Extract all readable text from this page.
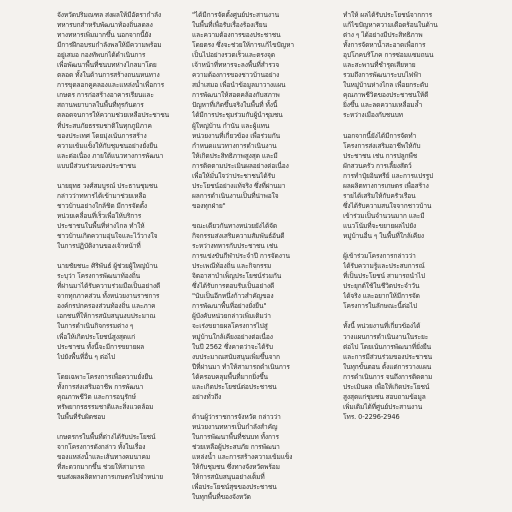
จังหวัดปริมณฑล ส่งผลให้มีอัตรากำลัง
ทหารบกสำหรับพัฒนาท้องถิ่นลดลง
ทางทหารเพิ่มมากขึ้น นอกจากนี้ยัง
มีการฝึกอบรมกำลังพลให้มีความพร้อม
อยู่เสมอ กองทัพบกได้ดำเนินการ
เพื่อพัฒนาพื้นที่ชนบทห่างไกลมาโดย
ตลอด ทั้งในด้านการสร้างถนนหนทาง
การขุดลอกคูคลองและแหล่งน้ำเพื่อการ
เกษตร การก่อสร้างอาคารเรียนและ
สถานพยาบาลในพื้นที่ทุรกันดาร
ตลอดจนการให้ความช่วยเหลือประชาชน
ที่ประสบภัยธรรมชาติในทุกภูมิภาค
ของประเทศ โดยมุ่งเน้นการสร้าง
ความเข้มแข็งให้กับชุมชนอย่างยั่งยืน
และต่อเนื่อง ภายใต้แนวทางการพัฒนา
แบบมีส่วนร่วมของประชาชน
นายยุทธ วงศ์สมบูรณ์ ประธานชุมชน
กล่าวว่าทหารได้เข้ามาช่วยเหลือ
ชาวบ้านอย่างใกล้ชิด มีการจัดตั้ง
หน่วยเคลื่อนที่เร็วเพื่อให้บริการ
ประชาชนในพื้นที่ห่างไกล ทำให้
ชาวบ้านเกิดความอุ่นใจและไว้วางใจ
ในการปฏิบัติงานของเจ้าหน้าที่
นายชัยชนะ ศิริพันธ์ ผู้ช่วยผู้ใหญ่บ้าน
ระบุว่า โครงการพัฒนาท้องถิ่น
ที่ผ่านมาได้รับความร่วมมือเป็นอย่างดี
จากทุกภาคส่วน ทั้งหน่วยงานราชการ
องค์กรปกครองส่วนท้องถิ่น และภาค
เอกชนที่ให้การสนับสนุนงบประมาณ
ในการดำเนินกิจกรรมต่าง ๆ
เพื่อให้เกิดประโยชน์สูงสุดแก่
ประชาชน ทั้งนี้จะมีการขยายผล
ไปยังพื้นที่อื่น ๆ ต่อไป
โดยเฉพาะโครงการเพื่อความยั่งยืน
ทั้งการส่งเสริมอาชีพ การพัฒนา
คุณภาพชีวิต และการอนุรักษ์
ทรัพยากรธรรมชาติและสิ่งแวดล้อม
ในพื้นที่รับผิดชอบ
เกษตรกรในพื้นที่ต่างได้รับประโยชน์
จากโครงการดังกล่าว ทั้งในเรื่อง
ของแหล่งน้ำและเส้นทางคมนาคม
ที่สะดวกมากขึ้น ช่วยให้สามารถ
ขนส่งผลผลิตทางการเกษตรไปจำหน่าย
"ได้มีการจัดตั้งศูนย์ประสานงาน
ในพื้นที่เพื่อรับเรื่องร้องเรียน
และความต้องการของประชาชน
โดยตรง ซึ่งจะช่วยให้การแก้ไขปัญหา
เป็นไปอย่างรวดเร็วและตรงจุด
เจ้าหน้าที่ทหารจะลงพื้นที่สำรวจ
ความต้องการของชาวบ้านอย่าง
สม่ำเสมอ เพื่อนำข้อมูลมาวางแผน
การพัฒนาให้สอดคล้องกับสภาพ
ปัญหาที่เกิดขึ้นจริงในพื้นที่ ทั้งนี้
ได้มีการประชุมร่วมกับผู้นำชุมชน
ผู้ใหญ่บ้าน กำนัน และผู้แทน
หน่วยงานที่เกี่ยวข้อง เพื่อร่วมกัน
กำหนดแนวทางการดำเนินงาน
ให้เกิดประสิทธิภาพสูงสุด และมี
การติดตามประเมินผลอย่างต่อเนื่อง
เพื่อให้มั่นใจว่าประชาชนได้รับ
ประโยชน์อย่างแท้จริง ซึ่งที่ผ่านมา
ผลการดำเนินงานเป็นที่น่าพอใจ
ของทุกฝ่าย"
ขณะเดียวกันทางหน่วยยังได้จัด
กิจกรรมส่งเสริมความสัมพันธ์อันดี
ระหว่างทหารกับประชาชน เช่น
การแข่งขันกีฬาประจำปี การจัดงาน
ประเพณีท้องถิ่น และกิจกรรม
จิตอาสาบำเพ็ญประโยชน์ร่วมกัน
ซึ่งได้รับการตอบรับเป็นอย่างดี
"นับเป็นอีกหนึ่งก้าวสำคัญของ
การพัฒนาพื้นที่อย่างยั่งยืน"
ผู้บังคับหน่วยกล่าวเพิ่มเติมว่า
จะเร่งขยายผลโครงการไปสู่
หมู่บ้านใกล้เคียงอย่างต่อเนื่อง
ในปี 2562 ซึ่งคาดว่าจะได้รับ
งบประมาณสนับสนุนเพิ่มขึ้นจาก
ปีที่ผ่านมา ทำให้สามารถดำเนินการ
ได้ครอบคลุมพื้นที่มากยิ่งขึ้น
และเกิดประโยชน์ต่อประชาชน
อย่างทั่วถึง
ด้านผู้ว่าราชการจังหวัด กล่าวว่า
หน่วยงานทหารเป็นกำลังสำคัญ
ในการพัฒนาพื้นที่ชนบท ทั้งการ
ช่วยเหลือผู้ประสบภัย การพัฒนา
แหล่งน้ำ และการสร้างความเข้มแข็ง
ให้กับชุมชน ซึ่งทางจังหวัดพร้อม
ให้การสนับสนุนอย่างเต็มที่
เพื่อประโยชน์สุขของประชาชน
ในทุกพื้นที่ของจังหวัด
ทำให้ ผลได้รับประโยชน์จากการ
แก้ไขปัญหาความเดือดร้อนในด้าน
ต่าง ๆ ได้อย่างมีประสิทธิภาพ
ทั้งการจัดหาน้ำสะอาดเพื่อการ
อุปโภคบริโภค การซ่อมแซมถนน
และสะพานที่ชำรุดเสียหาย
รวมถึงการพัฒนาระบบไฟฟ้า
ในหมู่บ้านห่างไกล เพื่อยกระดับ
คุณภาพชีวิตของประชาชนให้ดี
ยิ่งขึ้น และลดความเหลื่อมล้ำ
ระหว่างเมืองกับชนบท
นอกจากนี้ยังได้มีการจัดทำ
โครงการส่งเสริมอาชีพให้กับ
ประชาชน เช่น การปลูกพืช
ผักสวนครัว การเลี้ยงสัตว์
การทำปุ๋ยอินทรีย์ และการแปรรูป
ผลผลิตทางการเกษตร เพื่อสร้าง
รายได้เสริมให้กับครัวเรือน
ซึ่งได้รับความสนใจจากชาวบ้าน
เข้าร่วมเป็นจำนวนมาก และมี
แนวโน้มที่จะขยายผลไปยัง
หมู่บ้านอื่น ๆ ในพื้นที่ใกล้เคียง
ผู้เข้าร่วมโครงการกล่าวว่า
ได้รับความรู้และประสบการณ์
ที่เป็นประโยชน์ สามารถนำไป
ประยุกต์ใช้ในชีวิตประจำวัน
ได้จริง และอยากให้มีการจัด
โครงการในลักษณะนี้ต่อไป
ทั้งนี้ หน่วยงานที่เกี่ยวข้องได้
วางแผนการดำเนินงานในระยะ
ต่อไป โดยเน้นการพัฒนาที่ยั่งยืน
และการมีส่วนร่วมของประชาชน
ในทุกขั้นตอน ตั้งแต่การวางแผน
การดำเนินการ จนถึงการติดตาม
ประเมินผล เพื่อให้เกิดประโยชน์
สูงสุดแก่ชุมชน สอบถามข้อมูล
เพิ่มเติมได้ที่ศูนย์ประสานงาน
โทร. 0-2296-2946
